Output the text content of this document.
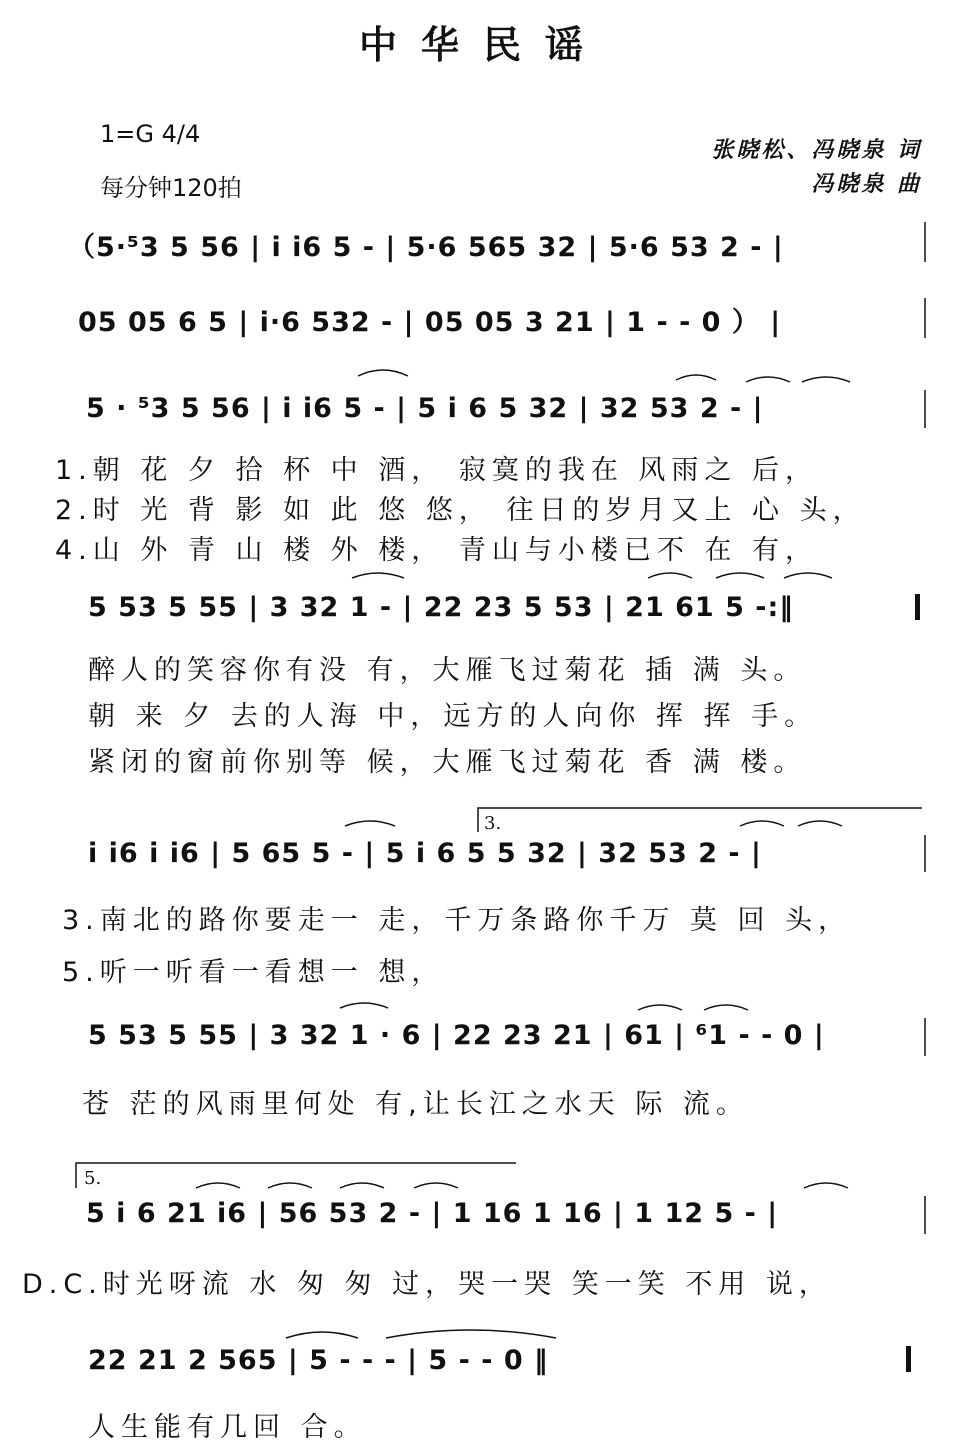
中华民谣
1=G 4/4
每分钟120拍
张晓松、冯晓泉 词
冯晓泉 曲
（5·⁵3 5 56 | i i6 5 - | 5·6 565 32 | 5·6 53 2 - |
05 05 6 5 | i·6 532 - | 05 05 3 21 | 1 - - 0 ） |
5 · ⁵3 5 56 | i i6 5 - | 5 i 6 5 32 | 32 53 2 - |
1.朝 花 夕 拾 杯 中 酒， 寂寞的我在 风雨之 后，
2.时 光 背 影 如 此 悠 悠， 往日的岁月又上 心 头，
4.山 外 青 山 楼 外 楼， 青山与小楼已不 在 有，
5 53 5 55 | 3 32 1 - | 22 23 5 53 | 21 61 5 -:‖
醉人的笑容你有没 有，大雁飞过菊花 插 满 头。
朝 来 夕 去的人海 中，远方的人向你 挥 挥 手。
紧闭的窗前你别等 候，大雁飞过菊花 香 满 楼。
3.
i i6 i i6 | 5 65 5 - | 5 i 6 5 5 32 | 32 53 2 - |
3.南北的路你要走一 走，千万条路你千万 莫 回 头，
5.听一听看一看想一 想，
5 53 5 55 | 3 32 1 · 6 | 22 23 21 | 61 | ⁶1 - - 0 |
苍 茫的风雨里何处 有,让长江之水天 际 流。
5.
5 i 6 21 i6 | 56 53 2 - | 1 16 1 16 | 1 12 5 - |
D.C.时光呀流 水 匆 匆 过，哭一哭 笑一笑 不用 说，
22 21 2 565 | 5 - - - | 5 - - 0 ‖
人生能有几回 合。
